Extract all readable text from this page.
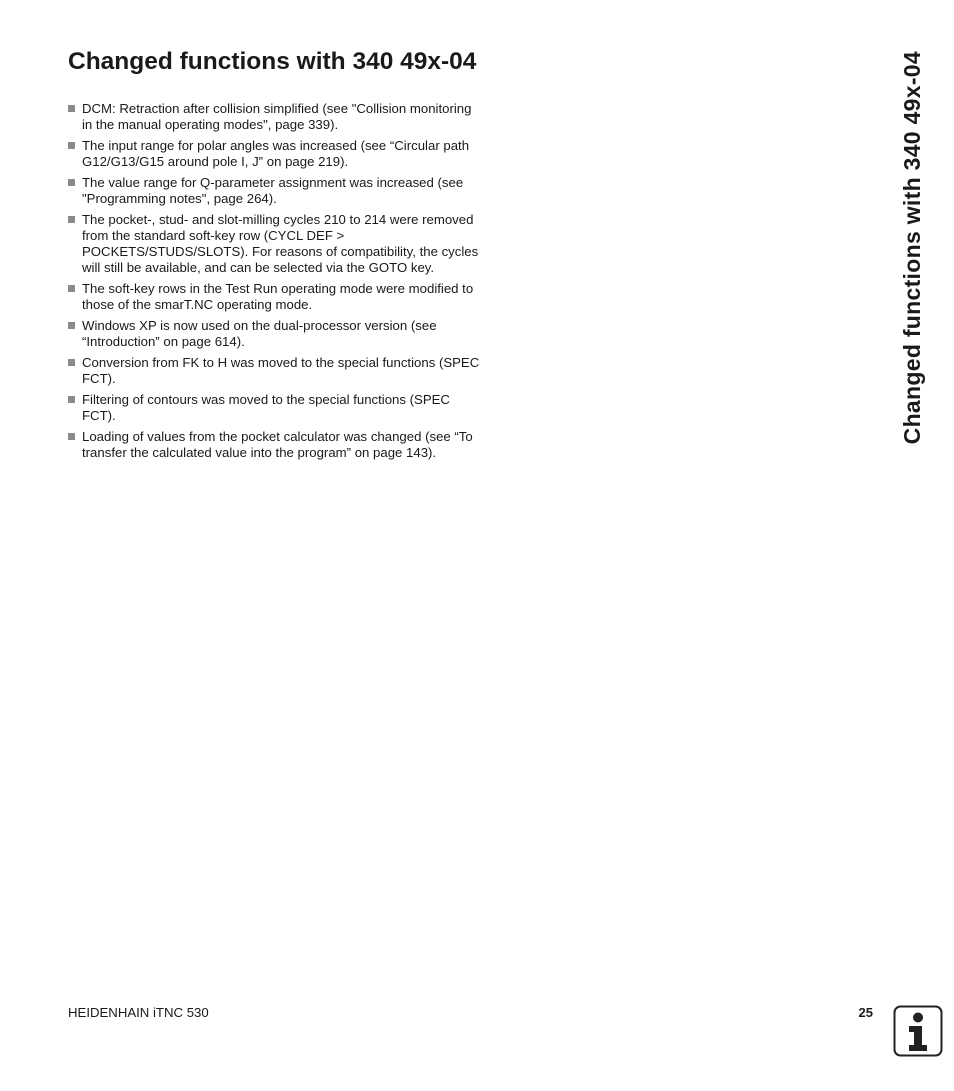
Changed functions with 340 49x-04
DCM: Retraction after collision simplified (see "Collision monitoring
in the manual operating modes", page 339).
The input range for polar angles was increased (see “Circular path
G12/G13/G15 around pole I, J” on page 219).
The value range for Q-parameter assignment was increased (see
"Programming notes", page 264).
The pocket-, stud- and slot-milling cycles 210 to 214 were removed
from the standard soft-key row (CYCL DEF >
POCKETS/STUDS/SLOTS). For reasons of compatibility, the cycles
will still be available, and can be selected via the GOTO key.
The soft-key rows in the Test Run operating mode were modified to
those of the smarT.NC operating mode.
Windows XP is now used on the dual-processor version (see
“Introduction” on page 614).
Conversion from FK to H was moved to the special functions (SPEC
FCT).
Filtering of contours was moved to the special functions (SPEC
FCT).
Loading of values from the pocket calculator was changed (see “To
transfer the calculated value into the program” on page 143).
Changed functions with 340 49x-04
HEIDENHAIN iTNC 530	25
